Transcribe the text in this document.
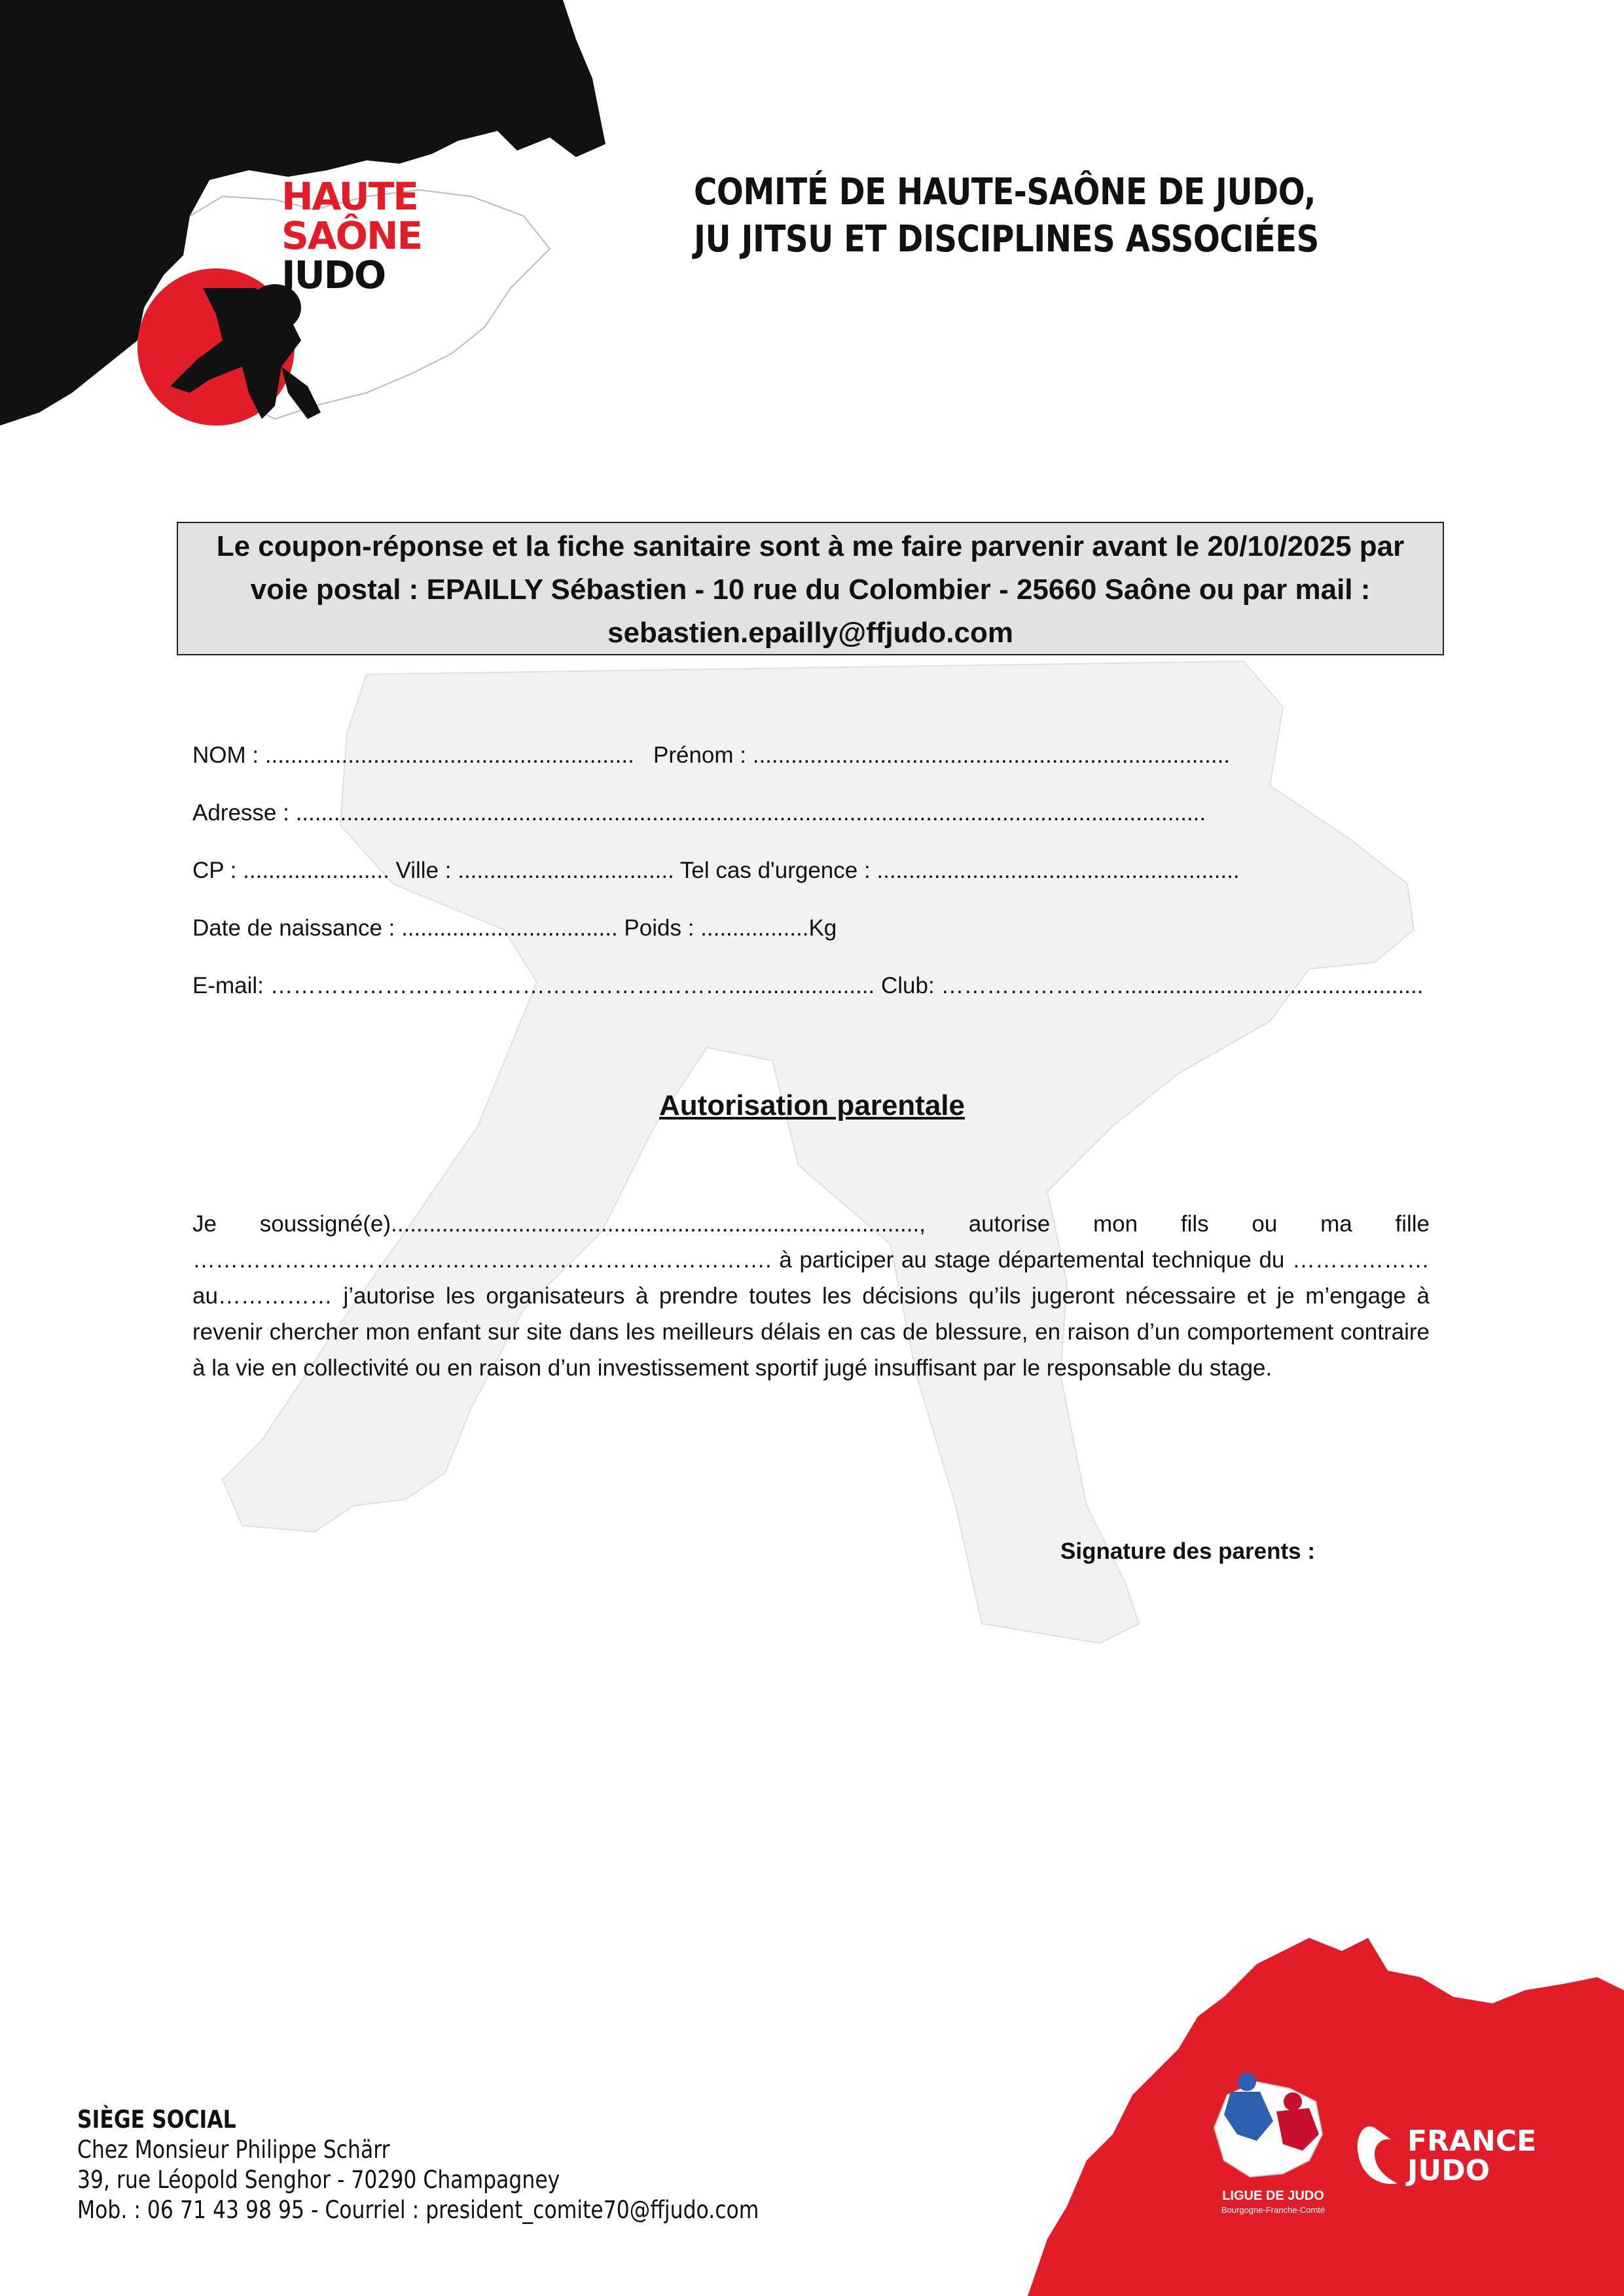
HAUTE
SAÔNE
JUDO
COMITÉ DE HAUTE-SAÔNE DE JUDO,
JU JITSU ET DISCIPLINES ASSOCIÉES
Le coupon-réponse et la fiche sanitaire sont à me faire parvenir avant le 20/10/2025 par
voie postal : EPAILLY Sébastien - 10 rue du Colombier - 25660 Saône ou par mail :
sebastien.epailly@ffjudo.com
NOM : ..........................................................   Prénom : ...........................................................................
Adresse : ...............................................................................................................................................
CP : ....................... Ville : .................................. Tel cas d'urgence : .........................................................
Date de naissance : .................................. Poids : .................Kg
E-mail: ……………………………………………………....................... Club: ……………………...............................................
Autorisation parentale
Je soussigné(e)..................................................................................., autorise mon fils ou ma fille …………………………………………………………………. à participer au stage départemental technique du ……………… au…………… j’autorise les organisateurs à prendre toutes les décisions qu’ils jugeront nécessaire et je m’engage à revenir chercher mon enfant sur site dans les meilleurs délais en cas de blessure, en raison d’un comportement contraire à la vie en collectivité ou en raison d’un investissement sportif jugé insuffisant par le responsable du stage.
Signature des parents :
SIÈGE SOCIAL
Chez Monsieur Philippe Schärr
39, rue Léopold Senghor - 70290 Champagney
Mob. : 06 71 43 98 95 - Courriel : president_comite70@ffjudo.com	LIGUE DE JUDO
Bourgogne-Franche-Comté
FRANCE
JUDO
